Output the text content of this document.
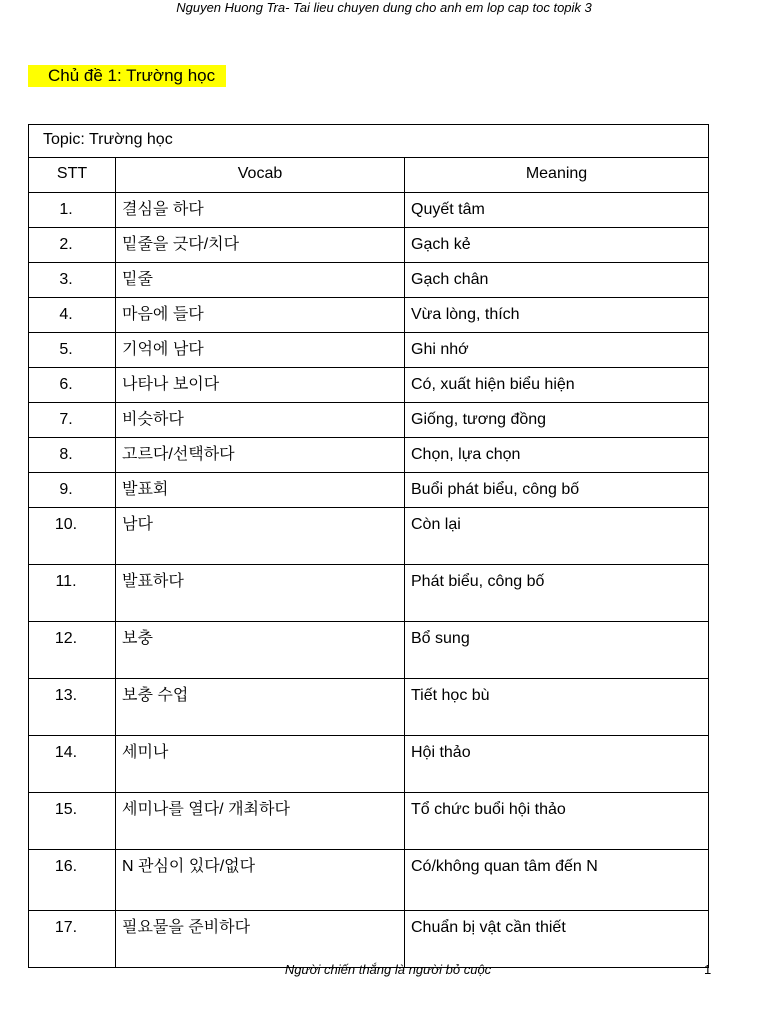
Nguyen Huong Tra- Tai lieu chuyen dung cho anh em lop cap toc topik 3
Chủ đề 1: Trường học
Topic: Trường học		

STT	Vocab	Meaning

1.	결심을 하다	Quyết tâm

2.	밑줄을 긋다/치다	Gạch kẻ

3.	밑줄	Gạch chân

4.	마음에 들다	Vừa lòng, thích

5.	기억에 남다	Ghi nhớ

6.	나타나 보이다	Có, xuất hiện biểu hiện

7.	비슷하다	Giống, tương đồng

8.	고르다/선택하다	Chọn, lựa chọn

9.	발표회	Buổi phát biểu, công bố

10.	남다	Còn lại

11.	발표하다	Phát biểu, công bố

12.	보충	Bổ sung

13.	보충 수업	Tiết học bù

14.	세미나	Hội thảo

15.	세미나를 열다/ 개최하다	Tổ chức buổi hội thảo

16.	N 관심이 있다/없다	Có/không quan tâm đến N

17.	필요물을 준비하다	Chuẩn bị vật cần thiết
Người chiến thắng là người bỏ cuộc	1
